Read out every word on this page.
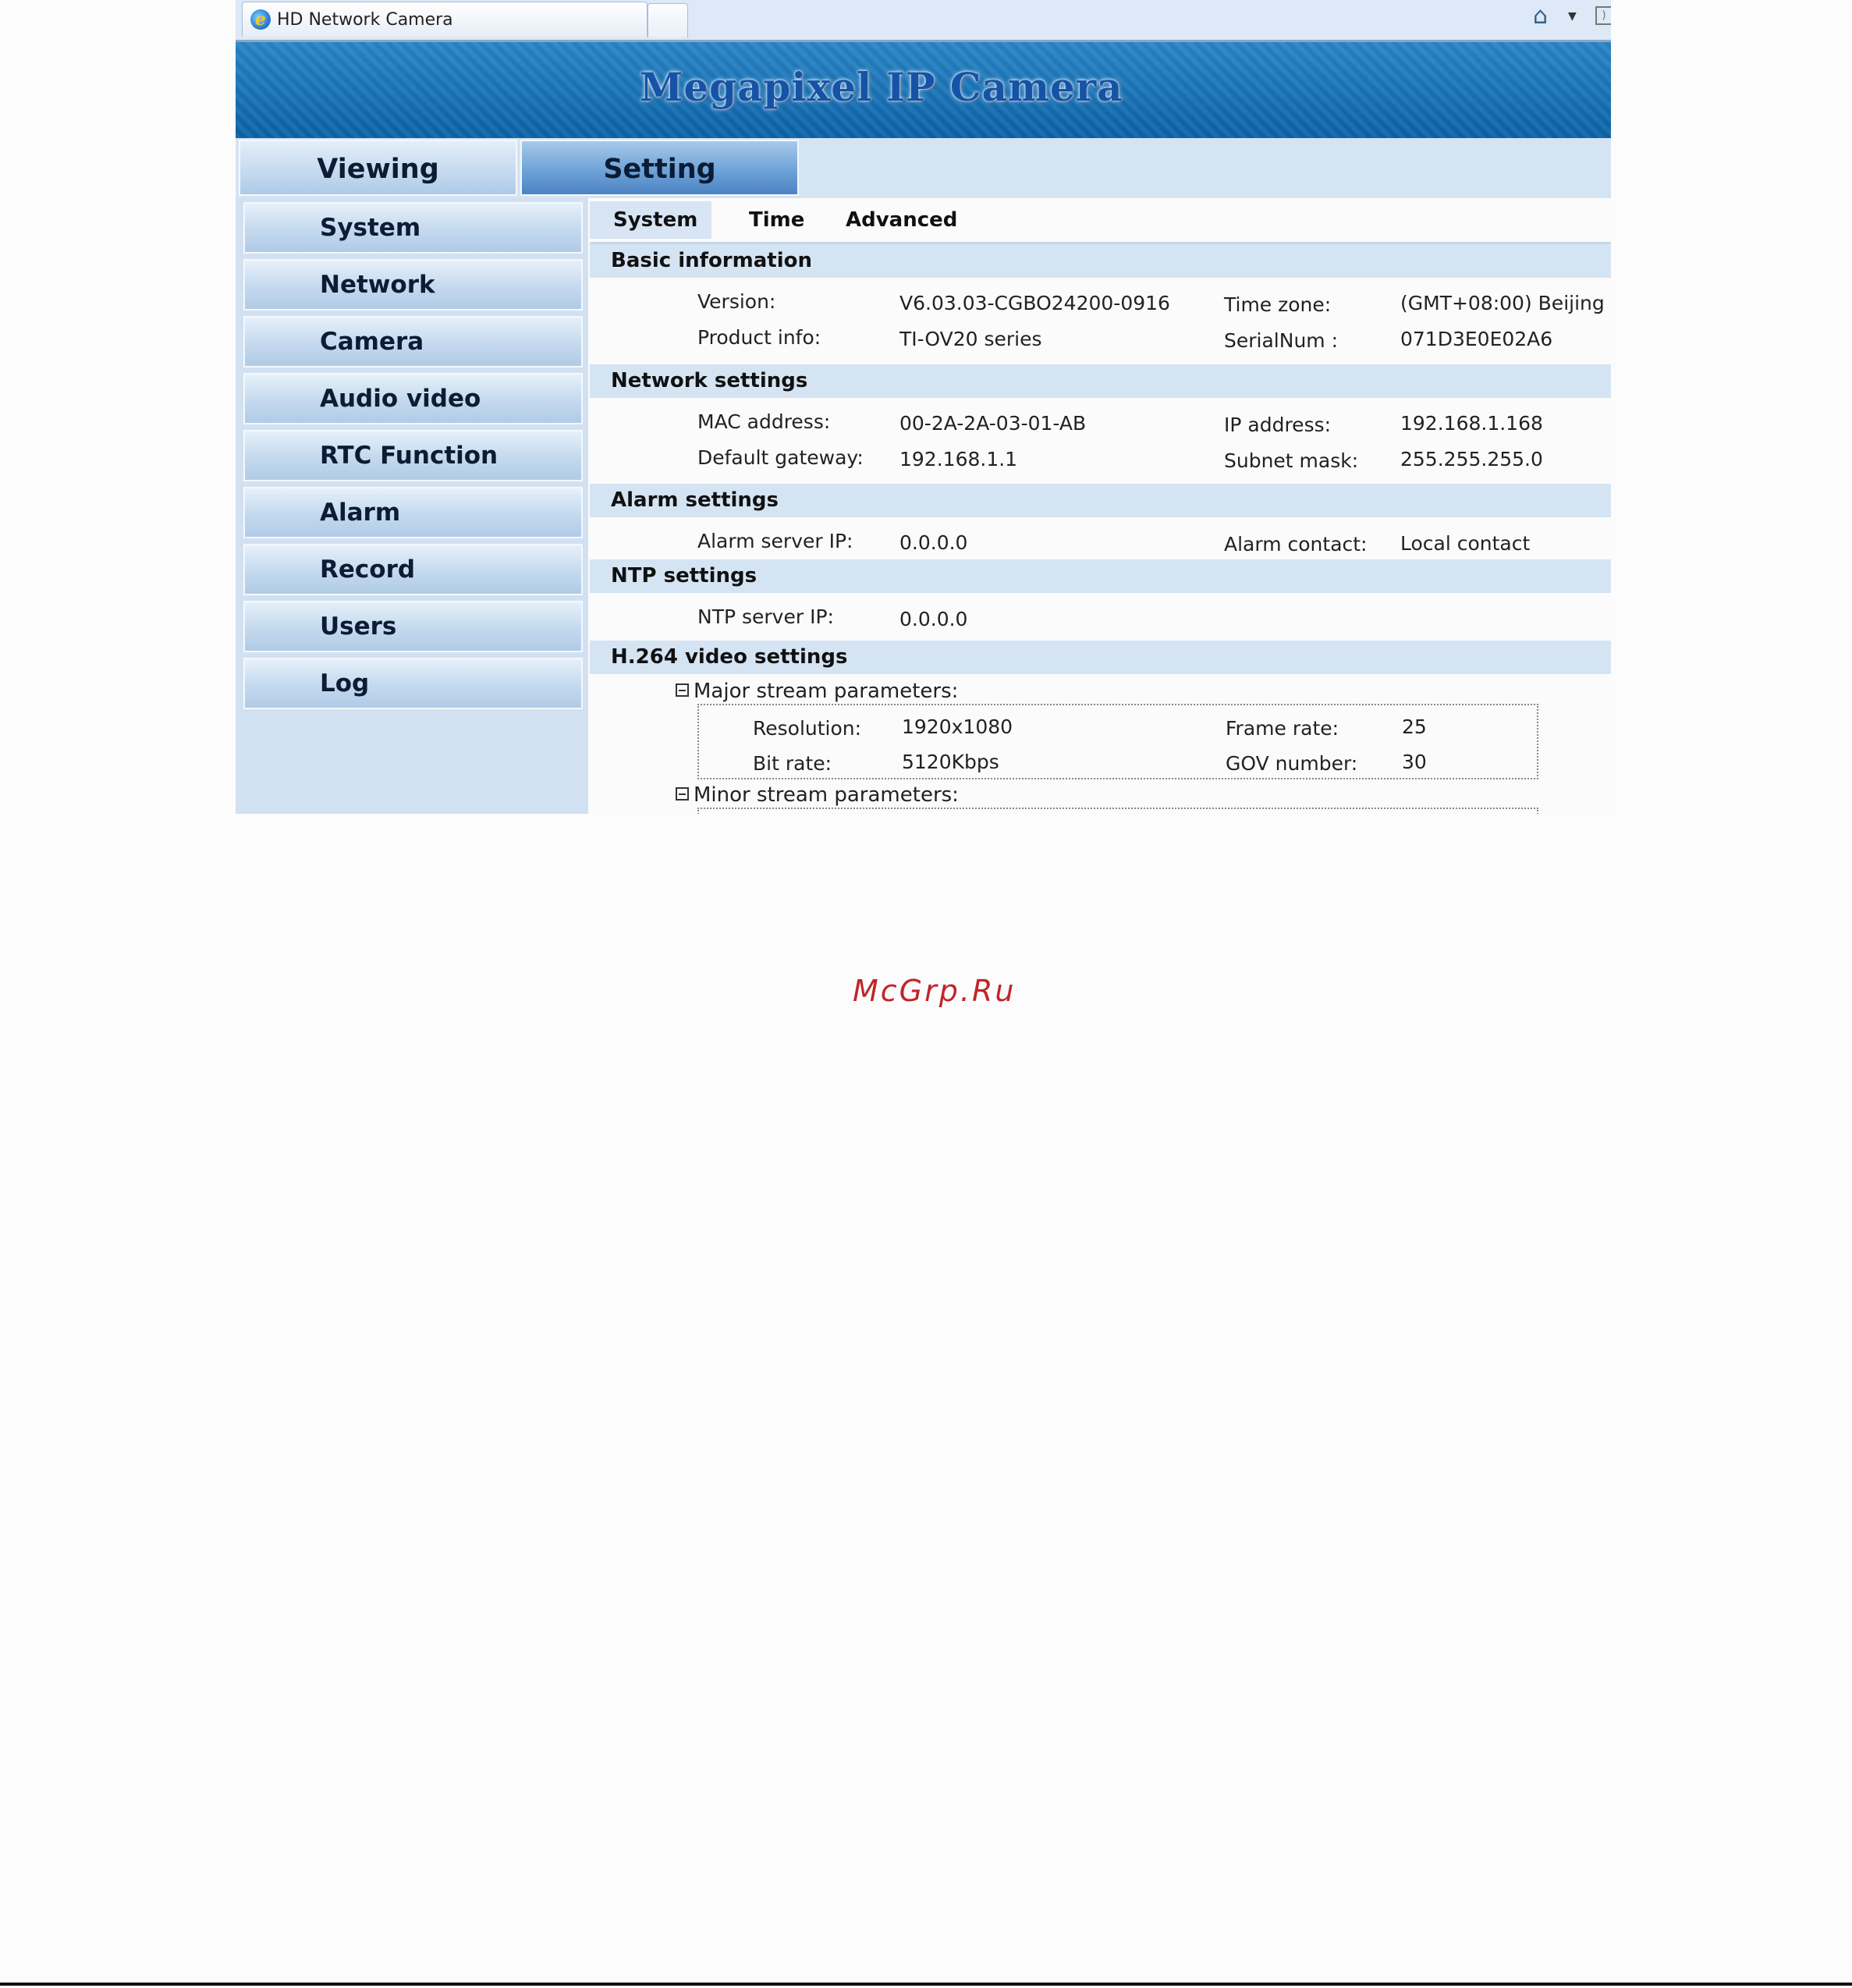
e HD Network Camera	⌂	▼	)
Megapixel IP Camera
Viewing	Setting
System
Network
Camera
Audio video
RTC Function
Alarm
Record
Users
Log
System	Time Advanced
Basic information
Version:	V6.03.03-CGBO24200-0916	Time zone:	(GMT+08:00) Beijing
Product info:	TI-OV20 series	SerialNum :	071D3E0E02A6
Network settings
MAC address:	00-2A-2A-03-01-AB	IP address:	192.168.1.168
Default gateway: 192.168.1.1	Subnet mask: 255.255.255.0
Alarm settings
Alarm server IP: 0.0.0.0	Alarm contact: Local contact
NTP settings
NTP server IP:	0.0.0.0
H.264 video settings
Major stream parameters:
Resolution: 1920x1080	Frame rate:	25
Bit rate:	5120Kbps	GOV number: 30
Minor stream parameters:
McGrp.Ru
